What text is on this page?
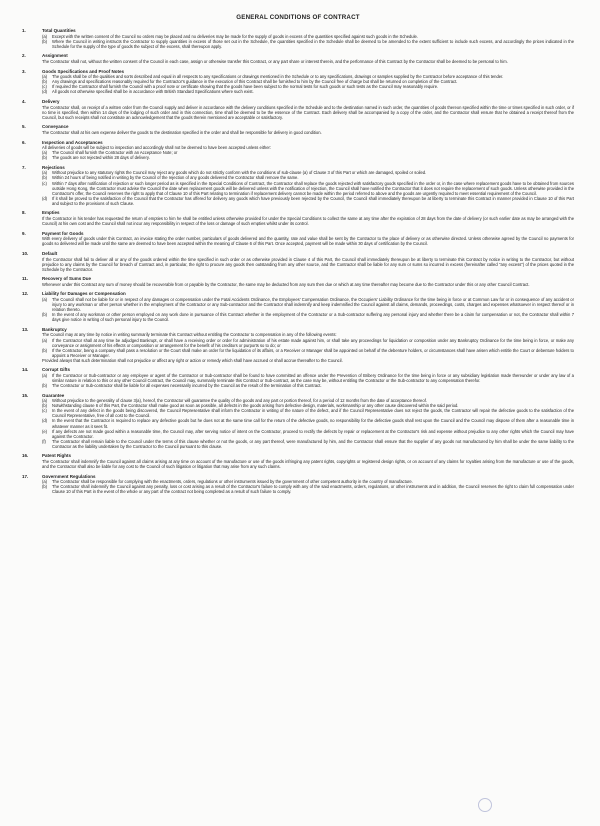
GENERAL CONDITIONS OF CONTRACT
1.	Total Quantities
(a)	Except with the written consent of the Council no orders may be placed and no deliveries may be made for the supply of goods in excess of the quantities specified against such goods in the Schedule.
(b)	Where the Council in writing instructs the Contractor to supply quantities in excess of those set out in the Schedule, the quantities specified in the Schedule shall be deemed to be amended to the extent sufficient to include such excess, and accordingly the prices indicated in the Schedule for the supply of the type of goods the subject of the excess, shall thereupon apply.
2.	Assignment
The Contractor shall not, without the written consent of the Council in each case, assign or otherwise transfer this Contract, or any part share or interest therein, and the performance of this Contract by the Contractor shall be deemed to be personal to him.
3.	Goods Specifications and Proof Notes
(a)	The goods shall be of the qualities and sorts described and equal in all respects to any specifications or drawings mentioned in the Schedule or to any specifications, drawings or samples supplied by the Contractor before acceptance of this tender.
(b)	Any drawings and specifications reasonably required for the Contractor's guidance in the execution of this Contract shall be furnished to him by the Council free of charge but shall be returned on completion of the Contract.
(c)	If required the Contractor shall furnish the Council with a proof note or certificate showing that the goods have been subject to the normal tests for such goods or such tests as the Council may reasonably require.
(d)	All goods not otherwise specified shall be in accordance with British Standard Specifications where such exist.
4.	Delivery
The Contractor shall, on receipt of a written order from the Council supply and deliver in accordance with the delivery conditions specified in the Schedule and to the destination named in such order, the quantities of goods thereon specified within the time or times specified in such order, or if no time is specified, then within 14 days of the lodging of such order and in this connection, time shall be deemed to be the essence of the Contract. Each delivery shall be accompanied by a copy of the order, and the Contractor shall ensure that he obtained a receipt thereof from the Council, but such receipts shall not constitute an acknowledgement that the goods therein mentioned are acceptable or satisfactory.
5.	Conveyance
The Contractor shall at his own expense deliver the goods to the destination specified in the order and shall be responsible for delivery in good condition.
6.	Inspection and Acceptances
All deliveries of goods will be subject to inspection and accordingly shall not be deemed to have been accepted unless either:
(a)	The Council shall furnish the Contractor with an Acceptance Note; or
(b)	The goods are not rejected within 28 days of delivery.
7.	Rejections
(a)	Without prejudice to any statutory rights the Council may reject any goods which do not strictly conform with the conditions of sub-clause (a) of Clause 3 of this Part or which are damaged, spoiled or soiled.
(b)	Within 24 hours of being notified in writing by the Council of the rejection of any goods delivered the Contractor shall remove the same.
(c)	Within 7 days after notification of rejection or such longer period as is specified in the Special Conditions of Contract, the Contractor shall replace the goods rejected with satisfactory goods specified in the order or, in the case where replacement goods have to be obtained from sources outside Hong Kong, the Contractor must advise the Council the date when replacement goods will be delivered unless with the notification of rejection, the Council shall have notified the Contractor that it does not require the replacement of such goods. Unless otherwise provided in the Contractor's offer, the Council reserves the right to apply that of Clause 10 of this Part relating to termination if replacement delivery cannot be made within the period referred to above and the goods are urgently required to meet essential requirement of the Council.
(d)	If it shall be proved to the satisfaction of the Council that the Contractor has offered for delivery any goods which have previously been rejected by the Council, the Council shall immediately thereupon be at liberty to terminate this Contract in manner provided in Clause 10 of this Part and subject to the provisions of such Clause.
8.	Empties
If the Contractor in his tender has requested the return of empties to him he shall be entitled unless otherwise provided for under the Special Conditions to collect the same at any time after the expiration of 28 days from the date of delivery (or such earlier date as may be arranged with the Council) at his own cost and the Council shall not incur any responsibility in respect of the loss or damage of such empties whilst under its control.
9.	Payment for Goods
With every delivery of goods under this Contract, an invoice stating the order number, particulars of goods delivered and the quantity, rate and value shall be sent by the Contractor to the place of delivery or as otherwise directed. Unless otherwise agreed by the Council no payments for goods so delivered will be made until the same are deemed to have been accepted within the meaning of Clause 6 of this Part. Once accepted, payment will be made within 30 days of certification by the Council.
10.	Default
If the Contractor shall fail to deliver all or any of the goods ordered within the time specified in such order or as otherwise provided in Clause 4 of this Part, the Council shall immediately thereupon be at liberty to terminate this Contract by notice in writing to the Contractor, but without prejudice to any claims by the Council for breach of Contract and, in particular, the right to procure any goods then outstanding from any other source, and the Contractor shall be liable for any sum or sums so incurred in excess (hereinafter called "any excess") of the prices quoted in the Schedule by the Contractor.
11.	Recovery of Sums Due
Whenever under this Contract any sum of money should be recoverable from or payable by the Contractor, the same may be deducted from any sum then due or which at any time thereafter may become due to the Contractor under this or any other Council Contract.
12.	Liability for Damages or Compensation
(a)	The Council shall not be liable for or in respect of any damages or compensation under the Fatal Accidents Ordinance, the Employees' Compensation Ordinance, the Occupiers' Liability Ordinance for the time being in force or at Common Law for or in consequence of any accident or injury to any workman or other person whether in the employment of the Contractor or any Sub-contractor and the Contractor shall indemnify and keep indemnified the Council against all claims, demands, proceedings, costs, charges and expenses whatsoever in respect thereof or in relation thereto.
(b)	In the event of any workman or other person employed on any work done in pursuance of this Contract whether in the employment of the Contractor or a Sub-contractor suffering any personal injury and whether there be a claim for compensation or not, the Contractor shall within 7 days give notice in writing of such personal injury to the Council.
13.	Bankruptcy
The Council may at any time by notice in writing summarily terminate this Contract without entitling the Contractor to compensation in any of the following events:
(a)	If the Contractor shall at any time be adjudged Bankrupt, or shall have a receiving order or order for administration of his estate made against him, or shall take any proceedings for liquidation or composition under any Bankruptcy Ordinance for the time being in force, or make any conveyance or assignment of his effects or composition or arrangement for the benefit of his creditors or purports so to do; or
(b)	If the Contractor, being a company shall pass a resolution or the Court shall make an order for the liquidation of its affairs, or a Receiver or Manager shall be appointed on behalf of the debenture holders, or circumstances shall have arisen which entitle the Court or debenture holders to appoint a Receiver or Manager.
Provided always that such determination shall not prejudice or affect any right or action or remedy which shall have accrued or shall accrue thereafter to the Council.
14.	Corrupt Gifts
(a)	If the Contractor or Sub-contractor or any employee or agent of the Contractor or Sub-contractor shall be found to have committed an offence under the Prevention of Bribery Ordinance for the time being in force or any subsidiary legislation made thereunder or under any law of a similar nature in relation to this or any other Council Contract, the Council may, summarily terminate this Contract or Sub-contract, as the case may be, without entitling the Contractor or the Sub-contractor to any compensation therefor.
(b)	The Contractor or Sub-contractor shall be liable for all expenses necessarily incurred by the Council as the result of the termination of this Contract.
15.	Guarantee
(a)	Without prejudice to the generality of clause 3(a), hereof, the Contractor will guarantee the quality of the goods and any part or portion thereof, for a period of 12 months from the date of acceptance thereof.
(b)	Notwithstanding clause 6 of this Part, the Contractor shall make good as soon as possible, all defects in the goods arising from defective design, materials, workmanship or any other cause discovered within the said period.
(c)	In the event of any defect in the goods being discovered, the Council Representative shall inform the Contractor in writing of the nature of the defect, and if the Council Representative does not reject the goods, the Contractor will repair the defective goods to the satisfaction of the Council Representative, free of all cost to the Council.
(d)	In the event that the Contractor is required to replace any defective goods but he does not at the same time call for the return of the defective goods, no responsibility for the defective goods shall rest upon the Council and the Council may dispose of them after a reasonable time in whatever manner as it sees fit.
(e)	If any defects are not made good within a reasonable time, the Council may, after serving notice of intent on the Contractor, proceed to rectify the defects by repair or replacement at the Contractor's risk and expense without prejudice to any other rights which the Council may have against the Contractor.
(f)	The Contractor shall remain liable to the Council under the terms of this clause whether or not the goods, or any part thereof, were manufactured by him, and the Contractor shall ensure that the supplier of any goods not manufactured by him shall be under the same liability to the Contractor as the liability undertaken by the Contractor to the Council pursuant to this clause.
16.	Patent Rights
The Contractor shall indemnify the Council against all claims arising at any time on account of the manufacture or use of the goods infringing any patent rights, copyrights or registered design rights, or on account of any claims for royalties arising from the manufacture or use of the goods, and the Contractor shall also be liable for any cost to the Council of such litigation or litigation that may arise from any such claims.
17.	Government Regulations
(a)	The Contractor shall be responsible for complying with the enactments, orders, regulations or other instruments issued by the government of other competent authority in the country of manufacture.
(b)	The Contractor shall indemnify the Council against any penalty, loss or cost arising as a result of the Contractor's failure to comply with any of the said enactments, orders, regulations, or other instruments and in addition, the Council reserves the right to claim full compensation under Clause 10 of this Part in the event of the whole or any part of the contract not being completed as a result of such failure to comply.
